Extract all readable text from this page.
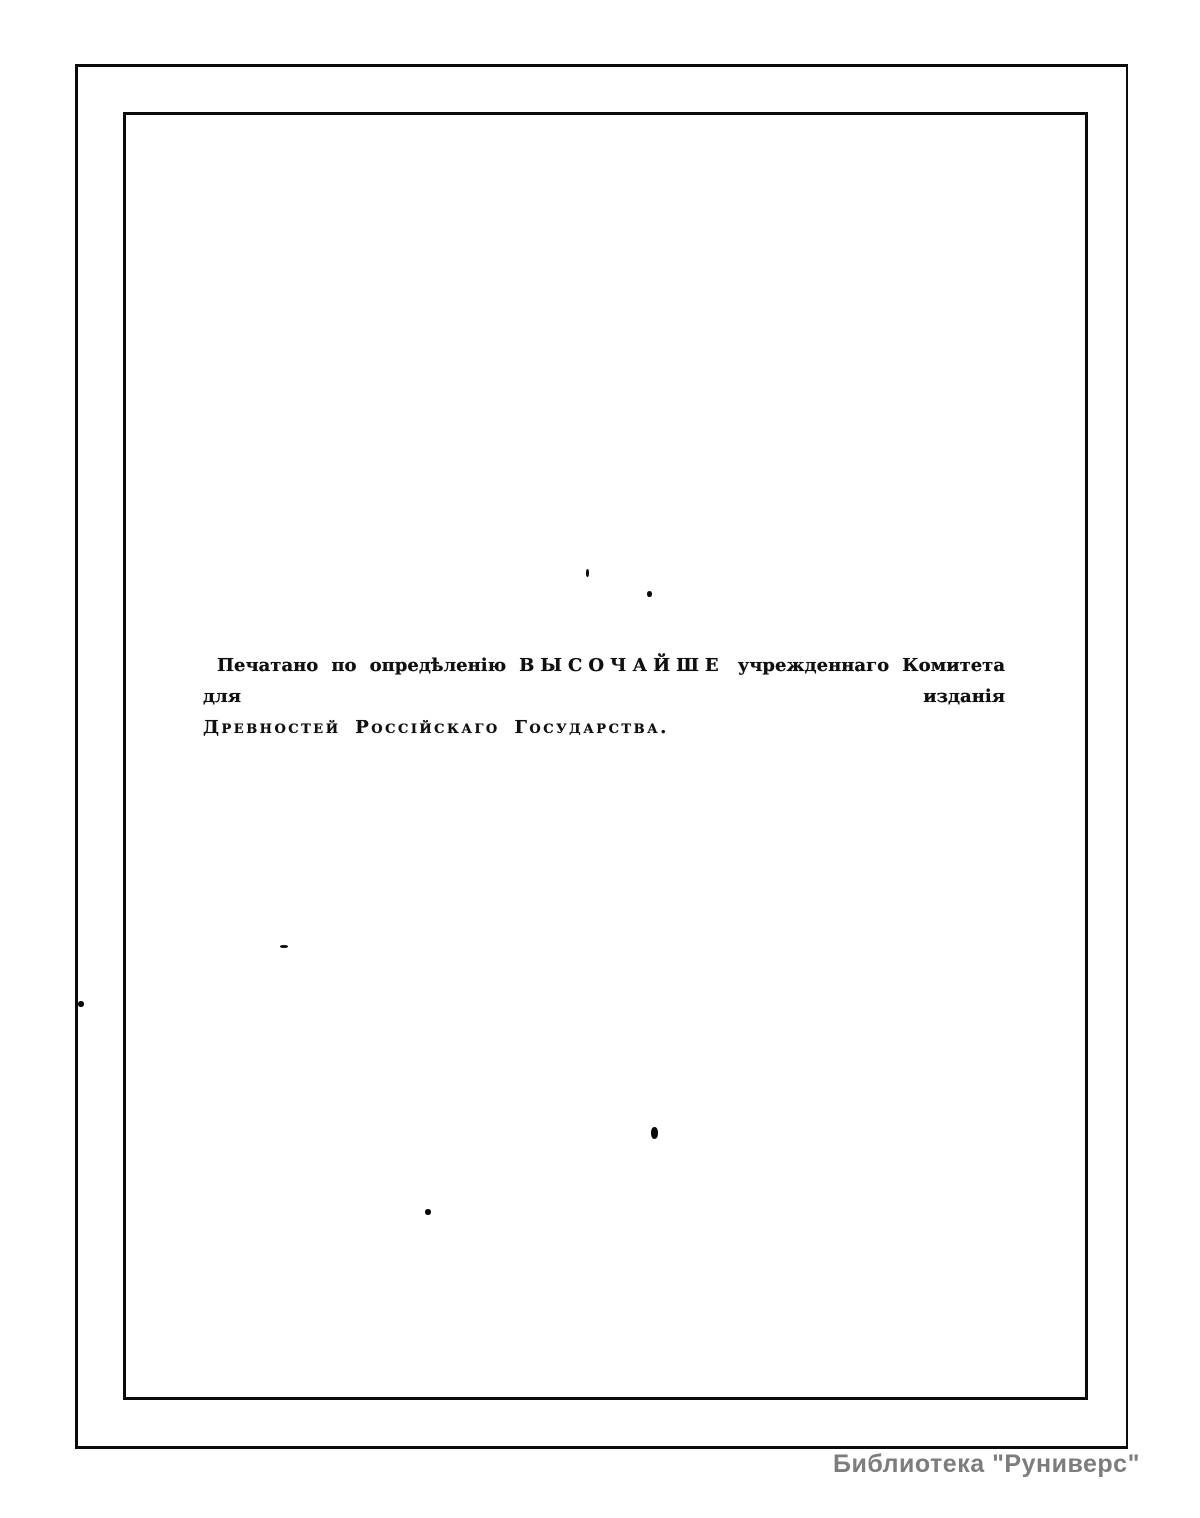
Печатано по опредѣленію ВЫСОЧАЙШЕ учрежденнаго Комитета для изданія
Древностей Россійскаго Государства.
Библиотека "Руниверс"
